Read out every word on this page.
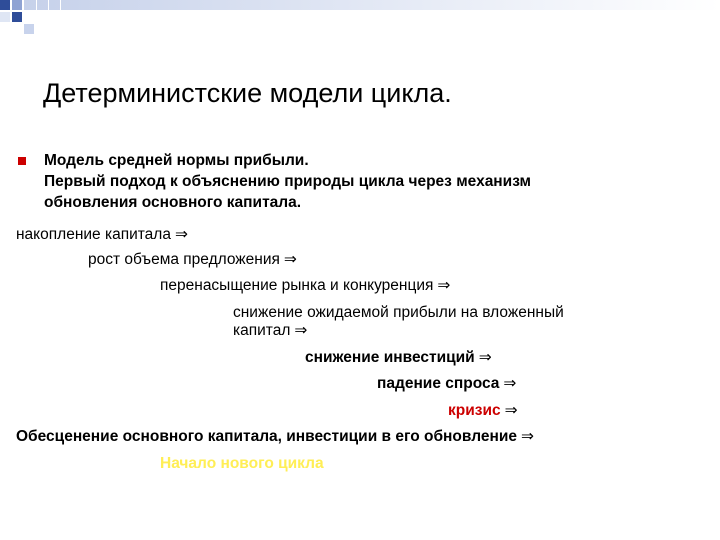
Детерминистские модели цикла.
Модель средней нормы прибыли.
Первый подход к объяснению природы цикла через механизм
обновления основного капитала.
накопление капитала ⇒
рост объема предложения ⇒
перенасыщение рынка и конкуренция ⇒
снижение ожидаемой прибыли на вложенный
капитал ⇒
снижение инвестиций ⇒
падение спроса ⇒
кризис ⇒
Обесценение основного капитала, инвестиции в его обновление ⇒
Начало нового цикла
